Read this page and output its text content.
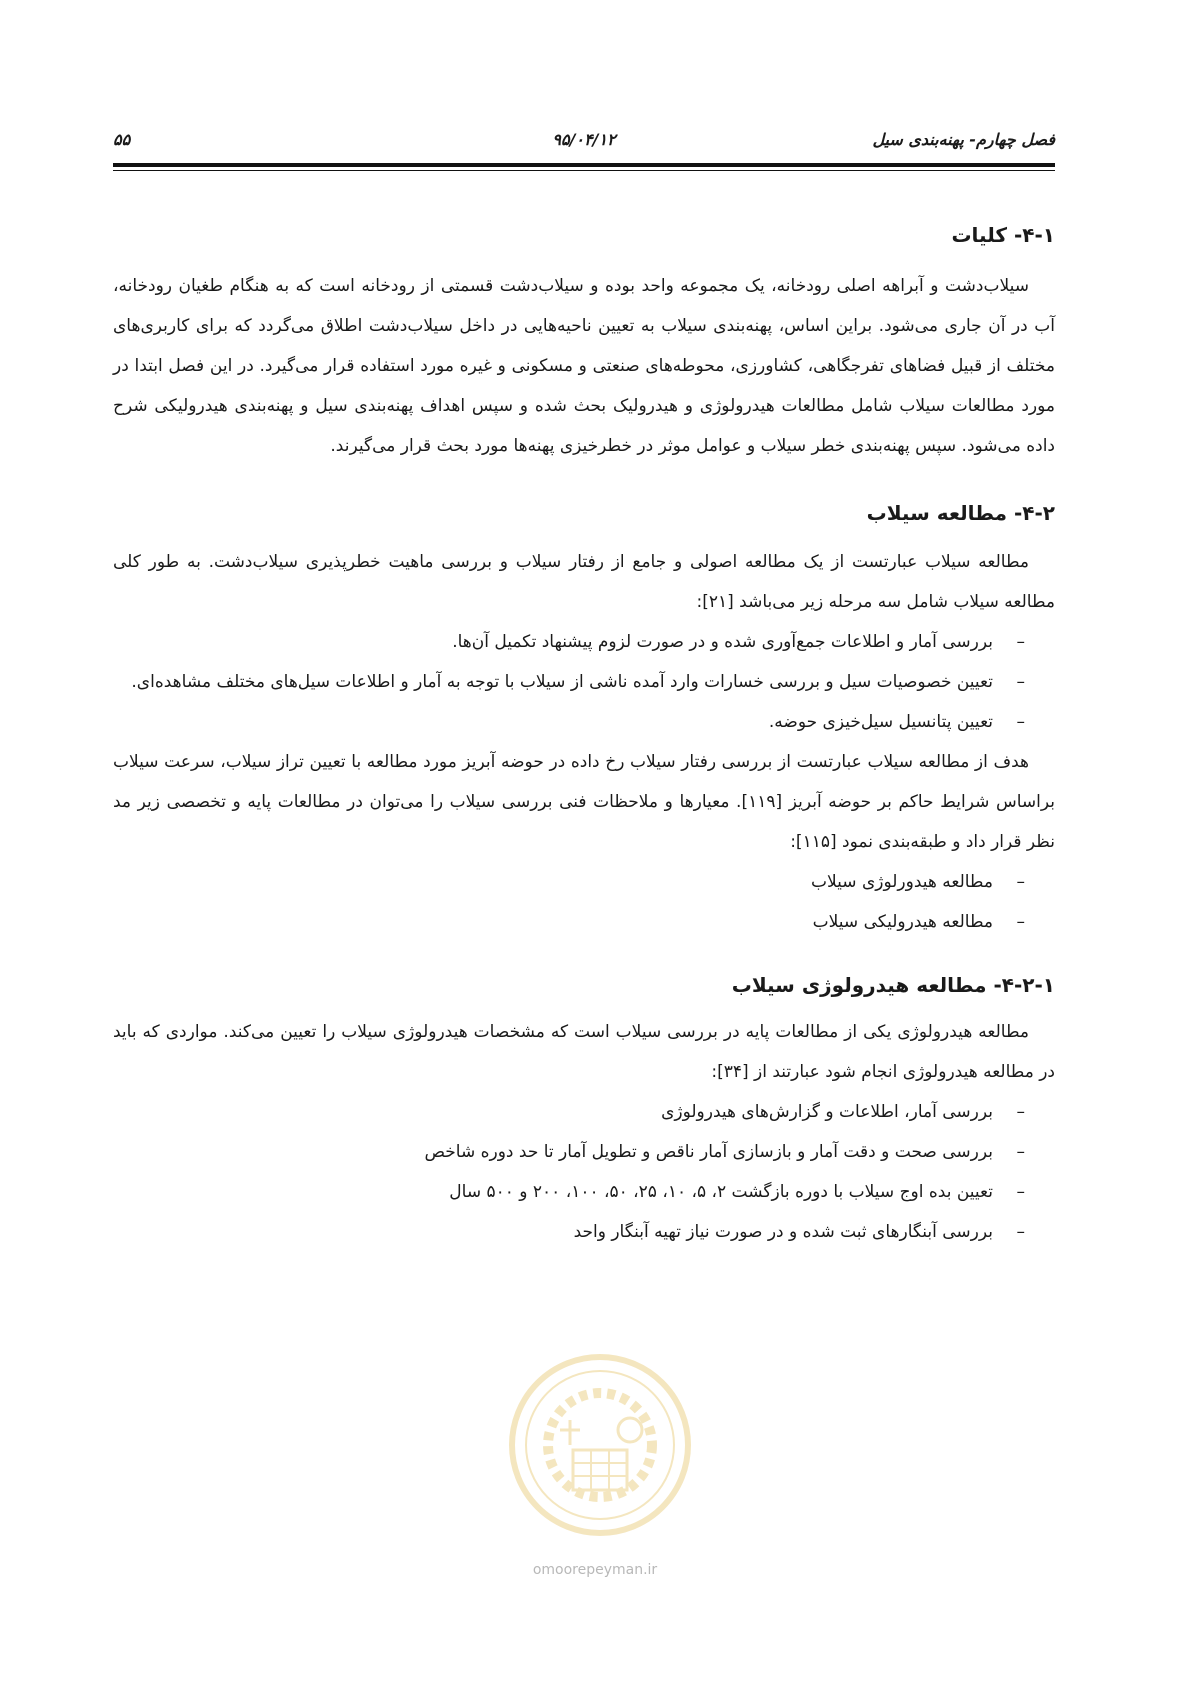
فصل چهارم- پهنه‌بندی سیل
۹۵/۰۴/۱۲
۵۵
۴-۱- کلیات

سیلاب‌دشت و آبراهه اصلی رودخانه، یک مجموعه واحد بوده و سیلاب‌دشت قسمتی از رودخانه است که به هنگام طغیان رودخانه، آب در آن جاری می‌شود. براین اساس، پهنه‌بندی سیلاب به تعیین ناحیه‌هایی در داخل سیلاب‌دشت اطلاق می‌گردد که برای کاربری‌های مختلف از قبیل فضاهای تفرجگاهی، کشاورزی، محوطه‌های صنعتی و مسکونی و غیره مورد استفاده قرار می‌گیرد. در این فصل ابتدا در مورد مطالعات سیلاب شامل مطالعات هیدرولوژی و هیدرولیک بحث شده و سپس اهداف پهنه‌بندی سیل و پهنه‌بندی هیدرولیکی شرح داده می‌شود. سپس پهنه‌بندی خطر سیلاب و عوامل موثر در خطرخیزی پهنه‌ها مورد بحث قرار می‌گیرند.

۴-۲- مطالعه سیلاب

مطالعه سیلاب عبارتست از یک مطالعه اصولی و جامع از رفتار سیلاب و بررسی ماهیت خطرپذیری سیلاب‌دشت. به طور کلی مطالعه سیلاب شامل سه مرحله زیر می‌باشد [۲۱]:

–
بررسی آمار و اطلاعات جمع‌آوری شده و در صورت لزوم پیشنهاد تکمیل آن‌ها.
–
تعیین خصوصیات سیل و بررسی خسارات وارد آمده ناشی از سیلاب با توجه به آمار و اطلاعات سیل‌های مختلف مشاهده‌ای.
–
تعیین پتانسیل سیل‌خیزی حوضه.

هدف از مطالعه سیلاب عبارتست از بررسی رفتار سیلاب رخ داده در حوضه آبریز مورد مطالعه با تعیین تراز سیلاب، سرعت سیلاب براساس شرایط حاکم بر حوضه آبریز [۱۱۹]. معیارها و ملاحظات فنی بررسی سیلاب را می‌توان در مطالعات پایه و تخصصی زیر مد نظر قرار داد و طبقه‌بندی نمود [۱۱۵]:

–
مطالعه هیدورلوژی سیلاب
–
مطالعه هیدرولیکی سیلاب
۴-۲-۱- مطالعه هیدرولوژی سیلاب

مطالعه هیدرولوژی یکی از مطالعات پایه در بررسی سیلاب است که مشخصات هیدرولوژی سیلاب را تعیین می‌کند. مواردی که باید در مطالعه هیدرولوژی انجام شود عبارتند از [۳۴]:

–
بررسی آمار، اطلاعات و گزارش‌های هیدرولوژی
–
بررسی صحت و دقت آمار و بازسازی آمار ناقص و تطویل آمار تا حد دوره شاخص
–
تعیین بده اوج سیلاب با دوره بازگشت ۲، ۵، ۱۰، ۲۵، ۵۰، ۱۰۰، ۲۰۰ و ۵۰۰ سال
–
بررسی آبنگارهای ثبت شده و در صورت نیاز تهیه آبنگار واحد
omoorepeyman.ir
